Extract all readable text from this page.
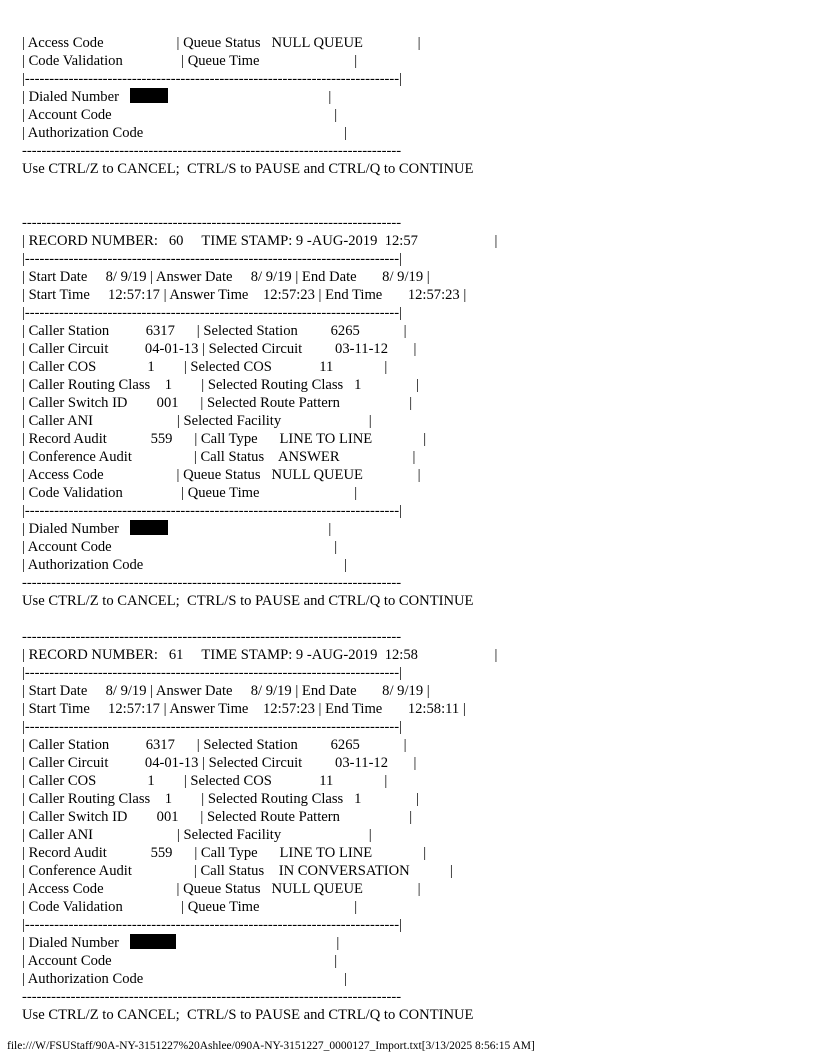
| Access Code                    | Queue Status   NULL QUEUE               |
| Code Validation                | Queue Time                          |
|-----------------------------------------------------------------------------|
| Dialed Number	|
| Account Code                                                             |
| Authorization Code                                                       |
------------------------------------------------------------------------------
Use CTRL/Z to CANCEL;  CTRL/S to PAUSE and CTRL/Q to CONTINUE
------------------------------------------------------------------------------
| RECORD NUMBER:   60     TIME STAMP: 9 -AUG-2019  12:57                     |
|-----------------------------------------------------------------------------|
| Start Date     8/ 9/19 | Answer Date     8/ 9/19 | End Date       8/ 9/19 |
| Start Time     12:57:17 | Answer Time    12:57:23 | End Time       12:57:23 |
|-----------------------------------------------------------------------------|
| Caller Station          6317      | Selected Station         6265            |
| Caller Circuit          04-01-13 | Selected Circuit         03-11-12       |
| Caller COS              1        | Selected COS             11              |
| Caller Routing Class    1        | Selected Routing Class   1               |
| Caller Switch ID        001      | Selected Route Pattern                   |
| Caller ANI                       | Selected Facility                        |
| Record Audit            559      | Call Type      LINE TO LINE              |
| Conference Audit                 | Call Status    ANSWER                    |
| Access Code                    | Queue Status   NULL QUEUE               |
| Code Validation                | Queue Time                          |
|-----------------------------------------------------------------------------|
| Dialed Number	|
| Account Code                                                             |
| Authorization Code                                                       |
------------------------------------------------------------------------------
Use CTRL/Z to CANCEL;  CTRL/S to PAUSE and CTRL/Q to CONTINUE
------------------------------------------------------------------------------
| RECORD NUMBER:   61     TIME STAMP: 9 -AUG-2019  12:58                     |
|-----------------------------------------------------------------------------|
| Start Date     8/ 9/19 | Answer Date     8/ 9/19 | End Date       8/ 9/19 |
| Start Time     12:57:17 | Answer Time    12:57:23 | End Time       12:58:11 |
|-----------------------------------------------------------------------------|
| Caller Station          6317      | Selected Station         6265            |
| Caller Circuit          04-01-13 | Selected Circuit         03-11-12       |
| Caller COS              1        | Selected COS             11              |
| Caller Routing Class    1        | Selected Routing Class   1               |
| Caller Switch ID        001      | Selected Route Pattern                   |
| Caller ANI                       | Selected Facility                        |
| Record Audit            559      | Call Type      LINE TO LINE              |
| Conference Audit                 | Call Status    IN CONVERSATION           |
| Access Code                    | Queue Status   NULL QUEUE               |
| Code Validation                | Queue Time                          |
|-----------------------------------------------------------------------------|
| Dialed Number	|
| Account Code                                                             |
| Authorization Code                                                       |
------------------------------------------------------------------------------
Use CTRL/Z to CANCEL;  CTRL/S to PAUSE and CTRL/Q to CONTINUE
file:///W/FSUStaff/90A-NY-3151227%20Ashlee/090A-NY-3151227_0000127_Import.txt[3/13/2025 8:56:15 AM]
